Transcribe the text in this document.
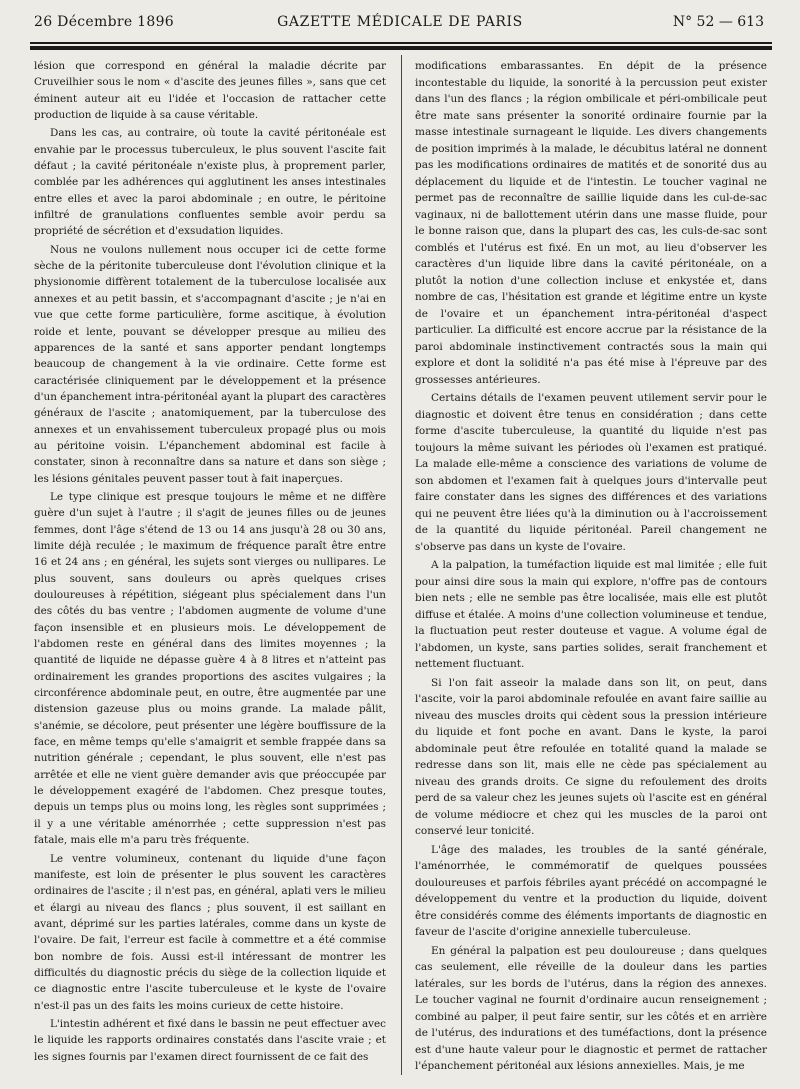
26 Décembre 1896	GAZETTE MÉDICALE DE PARIS	N° 52 — 613

lésion que correspond en général la maladie décrite par Cruveilhier sous le nom « d'ascite des jeunes filles », sans que cet éminent auteur ait eu l'idée et l'occasion de rattacher cette production de liquide à sa cause véritable.

Dans les cas, au contraire, où toute la cavité péritonéale est envahie par le processus tuberculeux, le plus souvent l'ascite fait défaut ; la cavité péritonéale n'existe plus, à proprement parler, comblée par les adhérences qui agglutinent les anses intestinales entre elles et avec la paroi abdominale ; en outre, le péritoine infiltré de granulations confluentes semble avoir perdu sa propriété de sécrétion et d'exsudation liquides.

Nous ne voulons nullement nous occuper ici de cette forme sèche de la péritonite tuberculeuse dont l'évolution clinique et la physionomie diffèrent totalement de la tuberculose localisée aux annexes et au petit bassin, et s'accompagnant d'ascite ; je n'ai en vue que cette forme particulière, forme ascitique, à évolution roide et lente, pouvant se développer presque au milieu des apparences de la santé et sans apporter pendant longtemps beaucoup de changement à la vie ordinaire. Cette forme est caractérisée cliniquement par le développement et la présence d'un épanchement intra-péritonéal ayant la plupart des caractères généraux de l'ascite ; anatomiquement, par la tuberculose des annexes et un envahissement tuberculeux propagé plus ou mois au péritoine voisin. L'épanchement abdominal est facile à constater, sinon à reconnaître dans sa nature et dans son siège ; les lésions génitales peuvent passer tout à fait inaperçues.

Le type clinique est presque toujours le même et ne diffère guère d'un sujet à l'autre ; il s'agit de jeunes filles ou de jeunes femmes, dont l'âge s'étend de 13 ou 14 ans jusqu'à 28 ou 30 ans, limite déjà reculée ; le maximum de fréquence paraît être entre 16 et 24 ans ; en général, les sujets sont vierges ou nullipares. Le plus souvent, sans douleurs ou après quelques crises douloureuses à répétition, siégeant plus spécialement dans l'un des côtés du bas ventre ; l'abdomen augmente de volume d'une façon insensible et en plusieurs mois. Le développement de l'abdomen reste en général dans des limites moyennes ; la quantité de liquide ne dépasse guère 4 à 8 litres et n'atteint pas ordinairement les grandes proportions des ascites vulgaires ; la circonférence abdominale peut, en outre, être augmentée par une distension gazeuse plus ou moins grande. La malade pâlit, s'anémie, se décolore, peut présenter une légère bouffissure de la face, en même temps qu'elle s'amaigrit et semble frappée dans sa nutrition générale ; cependant, le plus souvent, elle n'est pas arrêtée et elle ne vient guère demander avis que préoccupée par le développement exagéré de l'abdomen. Chez presque toutes, depuis un temps plus ou moins long, les règles sont supprimées ; il y a une véritable aménorrhée ; cette suppression n'est pas fatale, mais elle m'a paru très fréquente.

Le ventre volumineux, contenant du liquide d'une façon manifeste, est loin de présenter le plus souvent les caractères ordinaires de l'ascite ; il n'est pas, en général, aplati vers le milieu et élargi au niveau des flancs ; plus souvent, il est saillant en avant, déprimé sur les parties latérales, comme dans un kyste de l'ovaire. De fait, l'erreur est facile à commettre et a été commise bon nombre de fois. Aussi est-il intéressant de montrer les difficultés du diagnostic précis du siège de la collection liquide et ce diagnostic entre l'ascite tuberculeuse et le kyste de l'ovaire n'est-il pas un des faits les moins curieux de cette histoire.

L'intestin adhérent et fixé dans le bassin ne peut effectuer avec le liquide les rapports ordinaires constatés dans l'ascite vraie ; et les signes fournis par l'examen direct fournissent de ce fait des

modifications embarassantes. En dépit de la présence incontestable du liquide, la sonorité à la percussion peut exister dans l'un des flancs ; la région ombilicale et péri-ombilicale peut être mate sans présenter la sonorité ordinaire fournie par la masse intestinale surnageant le liquide. Les divers changements de position imprimés à la malade, le décubitus latéral ne donnent pas les modifications ordinaires de matités et de sonorité dus au déplacement du liquide et de l'intestin. Le toucher vaginal ne permet pas de reconnaître de saillie liquide dans les cul-de-sac vaginaux, ni de ballottement utérin dans une masse fluide, pour le bonne raison que, dans la plupart des cas, les culs-de-sac sont comblés et l'utérus est fixé. En un mot, au lieu d'observer les caractères d'un liquide libre dans la cavité péritonéale, on a plutôt la notion d'une collection incluse et enkystée et, dans nombre de cas, l'hésitation est grande et légitime entre un kyste de l'ovaire et un épanchement intra-péritonéal d'aspect particulier. La difficulté est encore accrue par la résistance de la paroi abdominale instinctivement contractés sous la main qui explore et dont la solidité n'a pas été mise à l'épreuve par des grossesses antérieures.

Certains détails de l'examen peuvent utilement servir pour le diagnostic et doivent être tenus en considération ; dans cette forme d'ascite tuberculeuse, la quantité du liquide n'est pas toujours la même suivant les périodes où l'examen est pratiqué. La malade elle-même a conscience des variations de volume de son abdomen et l'examen fait à quelques jours d'intervalle peut faire constater dans les signes des différences et des variations qui ne peuvent être liées qu'à la diminution ou à l'accroissement de la quantité du liquide péritonéal. Pareil changement ne s'observe pas dans un kyste de l'ovaire.

A la palpation, la tuméfaction liquide est mal limitée ; elle fuit pour ainsi dire sous la main qui explore, n'offre pas de contours bien nets ; elle ne semble pas être localisée, mais elle est plutôt diffuse et étalée. A moins d'une collection volumineuse et tendue, la fluctuation peut rester douteuse et vague. A volume égal de l'abdomen, un kyste, sans parties solides, serait franchement et nettement fluctuant.

Si l'on fait asseoir la malade dans son lit, on peut, dans l'ascite, voir la paroi abdominale refoulée en avant faire saillie au niveau des muscles droits qui cèdent sous la pression intérieure du liquide et font poche en avant. Dans le kyste, la paroi abdominale peut être refoulée en totalité quand la malade se redresse dans son lit, mais elle ne cède pas spécialement au niveau des grands droits. Ce signe du refoulement des droits perd de sa valeur chez les jeunes sujets où l'ascite est en général de volume médiocre et chez qui les muscles de la paroi ont conservé leur tonicité.

L'âge des malades, les troubles de la santé générale, l'aménorrhée, le commémoratif de quelques poussées douloureuses et parfois fébriles ayant précédé on accompagné le développement du ventre et la production du liquide, doivent être considérés comme des éléments importants de diagnostic en faveur de l'ascite d'origine annexielle tuberculeuse.

En général la palpation est peu douloureuse ; dans quelques cas seulement, elle réveille de la douleur dans les parties latérales, sur les bords de l'utérus, dans la région des annexes. Le toucher vaginal ne fournit d'ordinaire aucun renseignement ; combiné au palper, il peut faire sentir, sur les côtés et en arrière de l'utérus, des indurations et des tuméfactions, dont la présence est d'une haute valeur pour le diagnostic et permet de rattacher l'épanchement péritonéal aux lésions annexielles. Mais, je me
